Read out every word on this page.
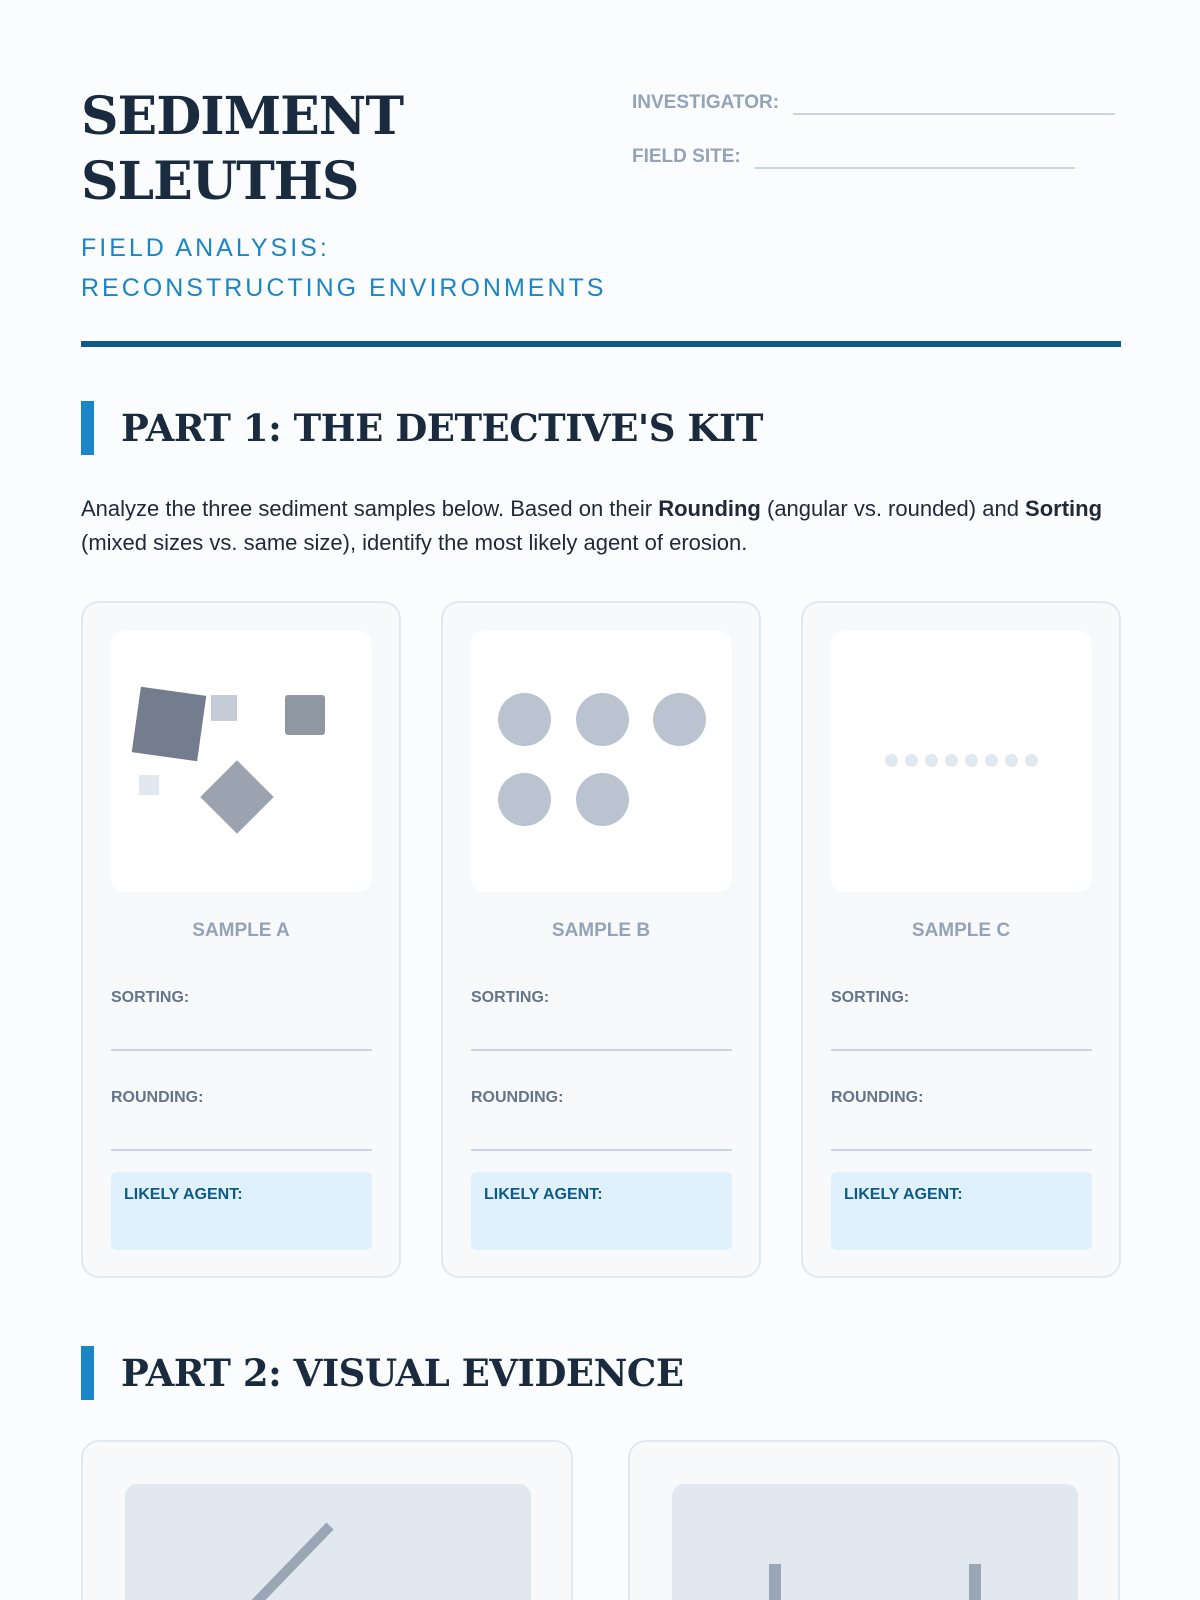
SEDIMENT SLEUTHS
FIELD ANALYSIS:
RECONSTRUCTING ENVIRONMENTS
INVESTIGATOR:
FIELD SITE:
PART 1: THE DETECTIVE'S KIT

Analyze the three sediment samples below. Based on their Rounding (angular vs. rounded) and Sorting (mixed sizes vs. same size), identify the most likely agent of erosion.

SAMPLE A
SORTING:
ROUNDING:
LIKELY AGENT:
SAMPLE B
SORTING:
ROUNDING:
LIKELY AGENT:
SAMPLE C
SORTING:
ROUNDING:
LIKELY AGENT:
PART 2: VISUAL EVIDENCE
